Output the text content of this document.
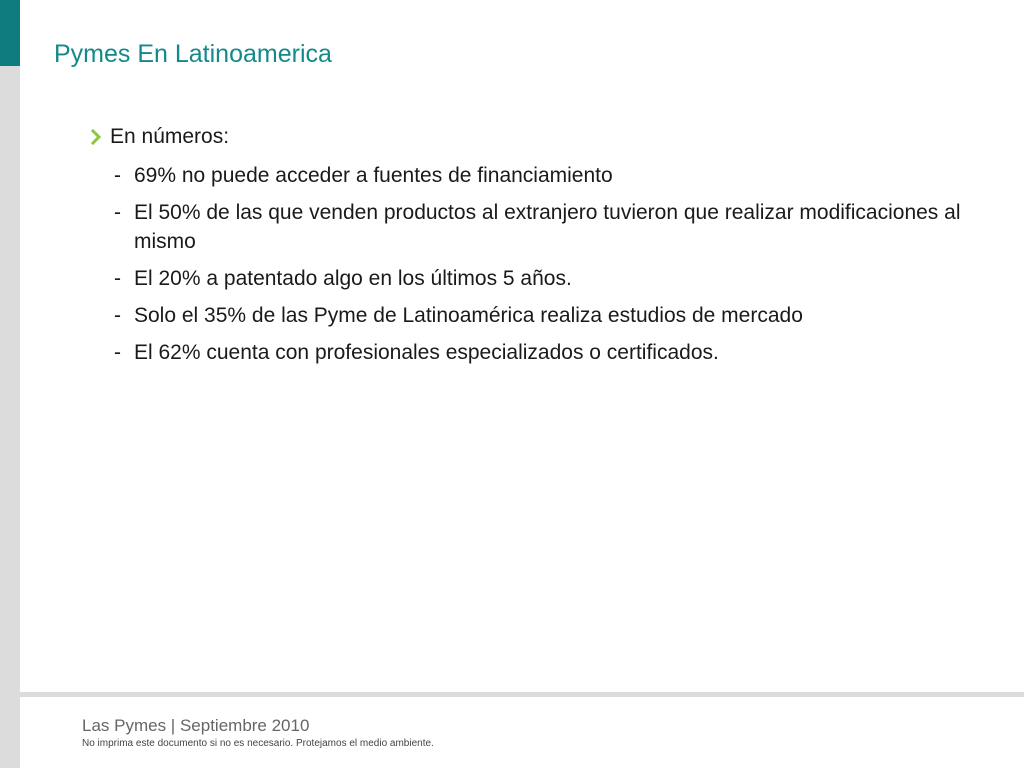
Pymes En Latinoamerica
En números:
- 69% no puede acceder a fuentes de financiamiento
- El 50% de las que venden productos al extranjero tuvieron que realizar modificaciones al mismo
- El 20% a patentado algo en los últimos 5 años.
- Solo el 35% de las Pyme de Latinoamérica realiza estudios de mercado
- El 62% cuenta con profesionales especializados o certificados.
Las Pymes | Septiembre 2010
No imprima este documento si no es necesario. Protejamos el medio ambiente.
